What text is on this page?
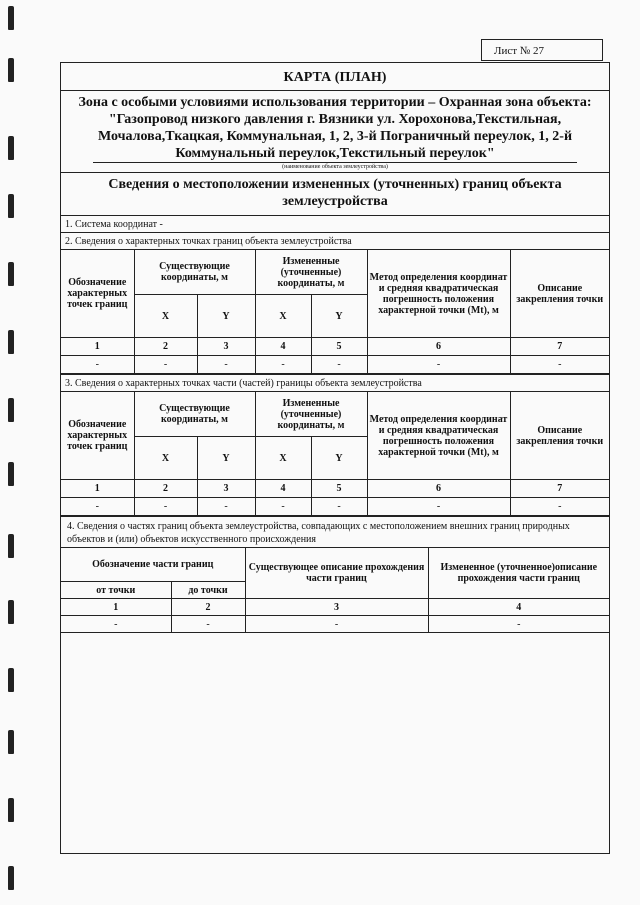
Лист № 27
КАРТА (ПЛАН)
Зона с особыми условиями использования территории – Охранная зона объекта:
"Газопровод низкого давления г. Вязники ул. Хорохонова,Текстильная,
Мочалова,Ткацкая, Коммунальная, 1, 2, 3-й Пограничный переулок, 1, 2-й
Коммунальный переулок,Текстильный переулок"
(наименование объекта землеустройства)
Сведения о местоположении измененных (уточненных) границ объекта землеустройства
1. Система координат -
2. Сведения о характерных точках границ объекта землеустройства
Обозначение характерных точек границ	Существующие координаты, м		Измененные (уточненные) координаты, м		Метод определения координат и средняя квадратическая погрешность положения характерной точки (Mt), м	Описание закрепления точки
	X	Y	X	Y		
1	2	3	4	5	6	7
-	-	-	-	-	-	-
3. Сведения о характерных точках части (частей) границы объекта землеустройства
Обозначение характерных точек границ	Существующие координаты, м		Измененные (уточненные) координаты, м		Метод определения координат и средняя квадратическая погрешность положения характерной точки (Mt), м	Описание закрепления точки
	X	Y	X	Y		
1	2	3	4	5	6	7
-	-	-	-	-	-	-
4. Сведения о частях границ объекта землеустройства, совпадающих с местоположением внешних границ природных объектов и (или) объектов искусственного происхождения
Обозначение части границ		Существующее описание прохождения части границ	Измененное (уточненное)описание прохождения части границ
от точки	до точки		
1	2	3	4
-	-	-	-
